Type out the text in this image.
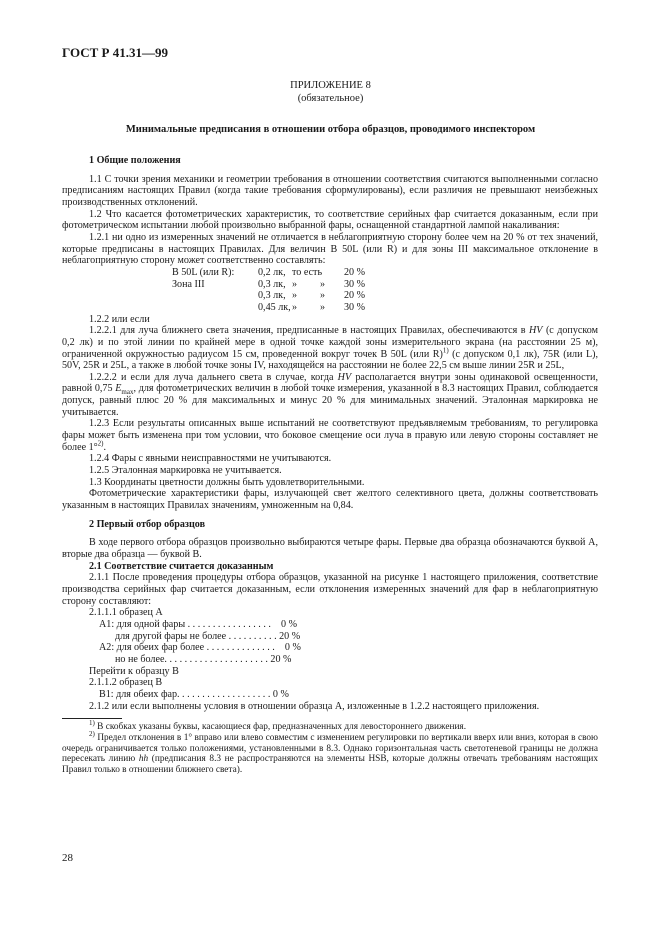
ГОСТ Р 41.31—99
ПРИЛОЖЕНИЕ 8
(обязательное)
Минимальные предписания в отношении отбора образцов, проводимого инспектором

1 Общие положения

1.1 С точки зрения механики и геометрии требования в отношении соответствия считаются выполненными согласно предписаниям настоящих Правил (когда такие требования сформулированы), если различия не превышают неизбежных производственных отклонений.

1.2 Что касается фотометрических характеристик, то соответствие серийных фар считается доказанным, если при фотометрическом испытании любой произвольно выбранной фары, оснащенной стандартной лампой накаливания:

1.2.1 ни одно из измеренных значений не отличается в неблагоприятную сторону более чем на 20 % от тех значений, которые предписаны в настоящих Правилах. Для величин В 50L (или R) и для зоны III максимальное отклонение в неблагоприятную сторону может соответственно составлять:

B 50L (или R):	0,2 лк, то есть 20 %
Зона III	0,3 лк, »	»	30 %
0,3 лк, »	»	20 %
0,45 лк, »	»	30 %

1.2.2 или если

1.2.2.1 для луча ближнего света значения, предписанные в настоящих Правилах, обеспечиваются в HV (с допуском 0,2 лк) и по этой линии по крайней мере в одной точке каждой зоны измерительного экрана (на расстоянии 25 м), ограниченной окружностью радиусом 15 см, проведенной вокруг точек B 50L (или R)$^{1)}$ (с допуском 0,1 лк), 75R (или L), 50V, 25R и 25L, а также в любой точке зоны IV, находящейся на расстоянии не более 22,5 см выше линии 25R и 25L,

1.2.2.2 и если для луча дальнего света в случае, когда HV располагается внутри зоны одинаковой освещенности, равной 0,75 $E_{max}$, для фотометрических величин в любой точке измерения, указанной в 8.3 настоящих Правил, соблюдается допуск, равный плюс 20 % для максимальных и минус 20 % для минимальных значений. Эталонная маркировка не учитывается.

1.2.3 Если результаты описанных выше испытаний не соответствуют предъявляемым требованиям, то регулировка фары может быть изменена при том условии, что боковое смещение оси луча в правую или левую стороны составляет не более 1°$^{2)}$.

1.2.4 Фары с явными неисправностями не учитываются.

1.2.5 Эталонная маркировка не учитывается.

1.3 Координаты цветности должны быть удовлетворительными.

Фотометрические характеристики фары, излучающей свет желтого селективного цвета, должны соответствовать указанным в настоящих Правилах значениям, умноженным на 0,84.

2 Первый отбор образцов

В ходе первого отбора образцов произвольно выбираются четыре фары. Первые два образца обозначаются буквой А, вторые два образца — буквой В.

2.1 Соответствие считается доказанным

2.1.1 После проведения процедуры отбора образцов, указанной на рисунке 1 настоящего приложения, соответствие производства серийных фар считается доказанным, если отклонения измеренных значений для фар в неблагоприятную сторону составляют:

2.1.1.1 образец А

A1: для одной фары . . . . . . . . . . . . . . . . . 0 %

для другой фары не более . . . . . . . . . . 20 %

A2: для обеих фар более . . . . . . . . . . . . . . 0 %

но не более. . . . . . . . . . . . . . . . . . . . . 20 %

Перейти к образцу В

2.1.1.2 образец В

B1: для обеих фар. . . . . . . . . . . . . . . . . . . 0 %

2.1.2 или если выполнены условия в отношении образца А, изложенные в 1.2.2 настоящего приложения.

$^{1)}$ В скобках указаны буквы, касающиеся фар, предназначенных для левостороннего движения.

$^{2)}$ Предел отклонения в 1° вправо или влево совместим с изменением регулировки по вертикали вверх или вниз, которая в свою очередь ограничивается только положениями, установленными в 8.3. Однако горизонтальная часть светотеневой границы не должна пересекать линию hh (предписания 8.3 не распространяются на элементы HSB, которые должны отвечать требованиям настоящих Правил только в отношении ближнего света).

28
